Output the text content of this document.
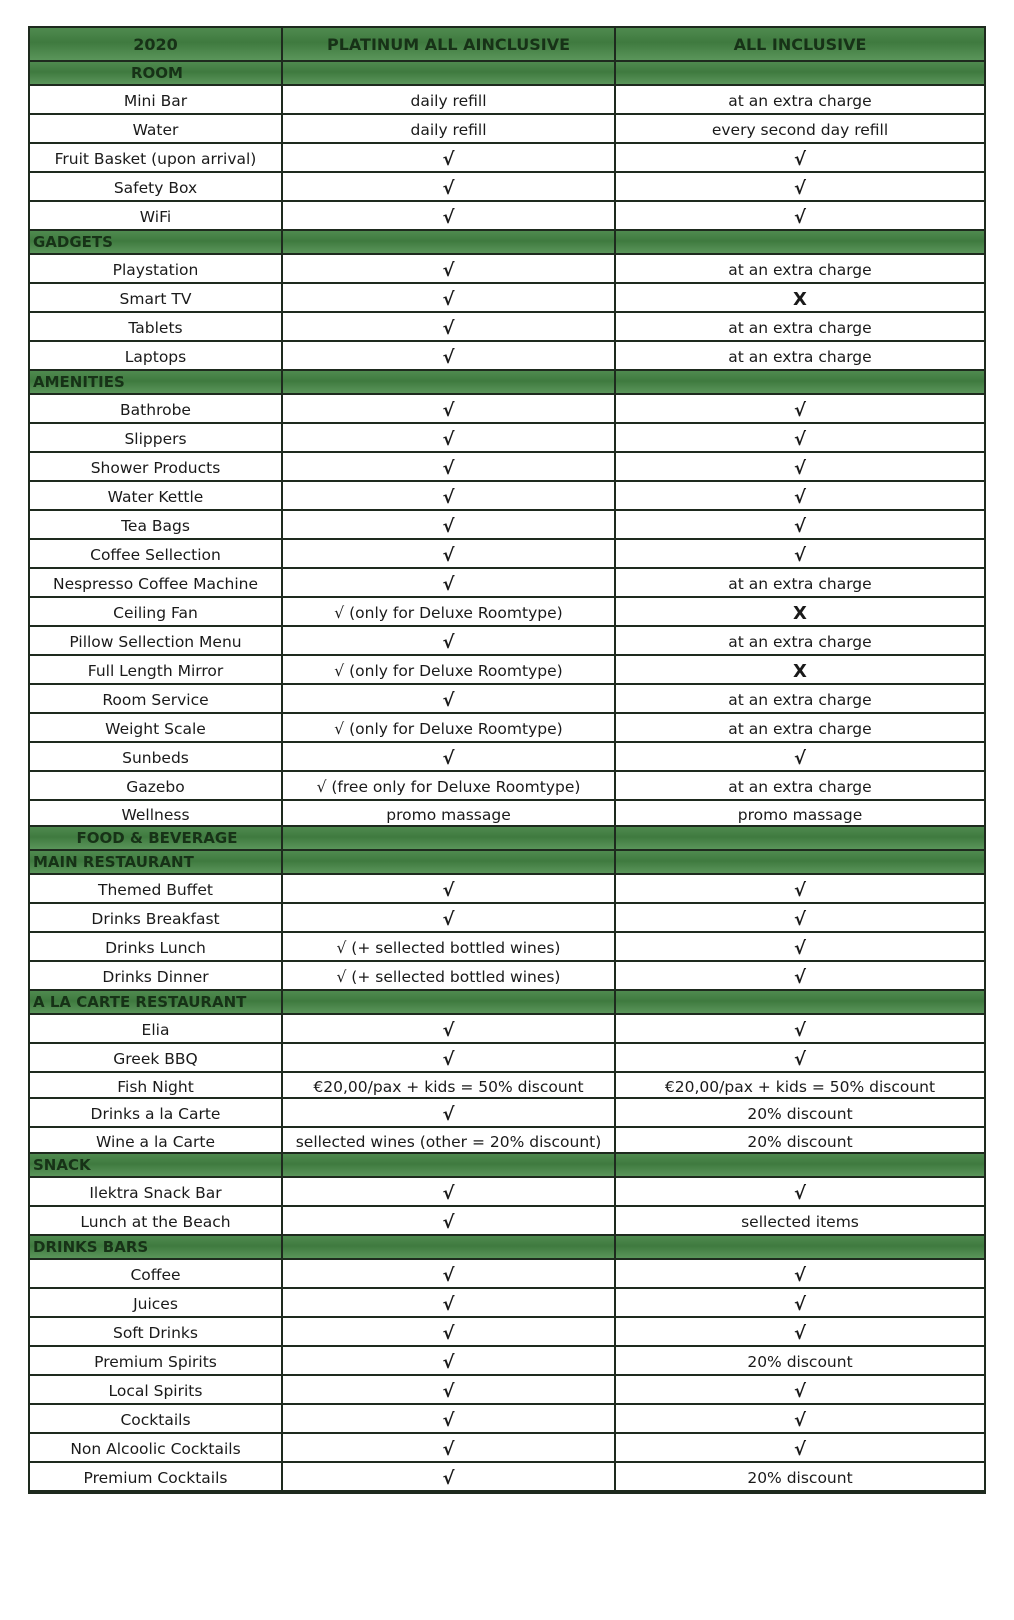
2020	PLATINUM ALL AINCLUSIVE	ALL INCLUSIVE
ROOM
Mini Bar	daily refill	at an extra charge
Water	daily refill	every second day refill
Fruit Basket (upon arrival)	√	√
Safety Box	√	√
WiFi	√	√
GADGETS
Playstation	√	at an extra charge
Smart TV	√	X
Tablets	√	at an extra charge
Laptops	√	at an extra charge
AMENITIES
Bathrobe	√	√
Slippers	√	√
Shower Products	√	√
Water Kettle	√	√
Tea Bags	√	√
Coffee Sellection	√	√
Nespresso Coffee Machine	√	at an extra charge
Ceiling Fan	√ (only for Deluxe Roomtype)	X
Pillow Sellection Menu	√	at an extra charge
Full Length Mirror	√ (only for Deluxe Roomtype)	X
Room Service	√	at an extra charge
Weight Scale	√ (only for Deluxe Roomtype)	at an extra charge
Sunbeds	√	√
Gazebo	√ (free only for Deluxe Roomtype)	at an extra charge
Wellness	promo massage	promo massage
FOOD & BEVERAGE
MAIN RESTAURANT
Themed Buffet	√	√
Drinks Breakfast	√	√
Drinks Lunch	√ (+ sellected bottled wines)	√
Drinks Dinner	√ (+ sellected bottled wines)	√
A LA CARTE RESTAURANT
Elia	√	√
Greek BBQ	√	√
Fish Night	€20,00/pax + kids = 50% discount	€20,00/pax + kids = 50% discount
Drinks a la Carte	√	20% discount
Wine a la Carte	sellected wines (other = 20% discount)	20% discount
SNACK
Ilektra Snack Bar	√	√
Lunch at the Beach	√	sellected items
DRINKS BARS
Coffee	√	√
Juices	√	√
Soft Drinks	√	√
Premium Spirits	√	20% discount
Local Spirits	√	√
Cocktails	√	√
Non Alcoolic Cocktails	√	√
Premium Cocktails	√	20% discount
